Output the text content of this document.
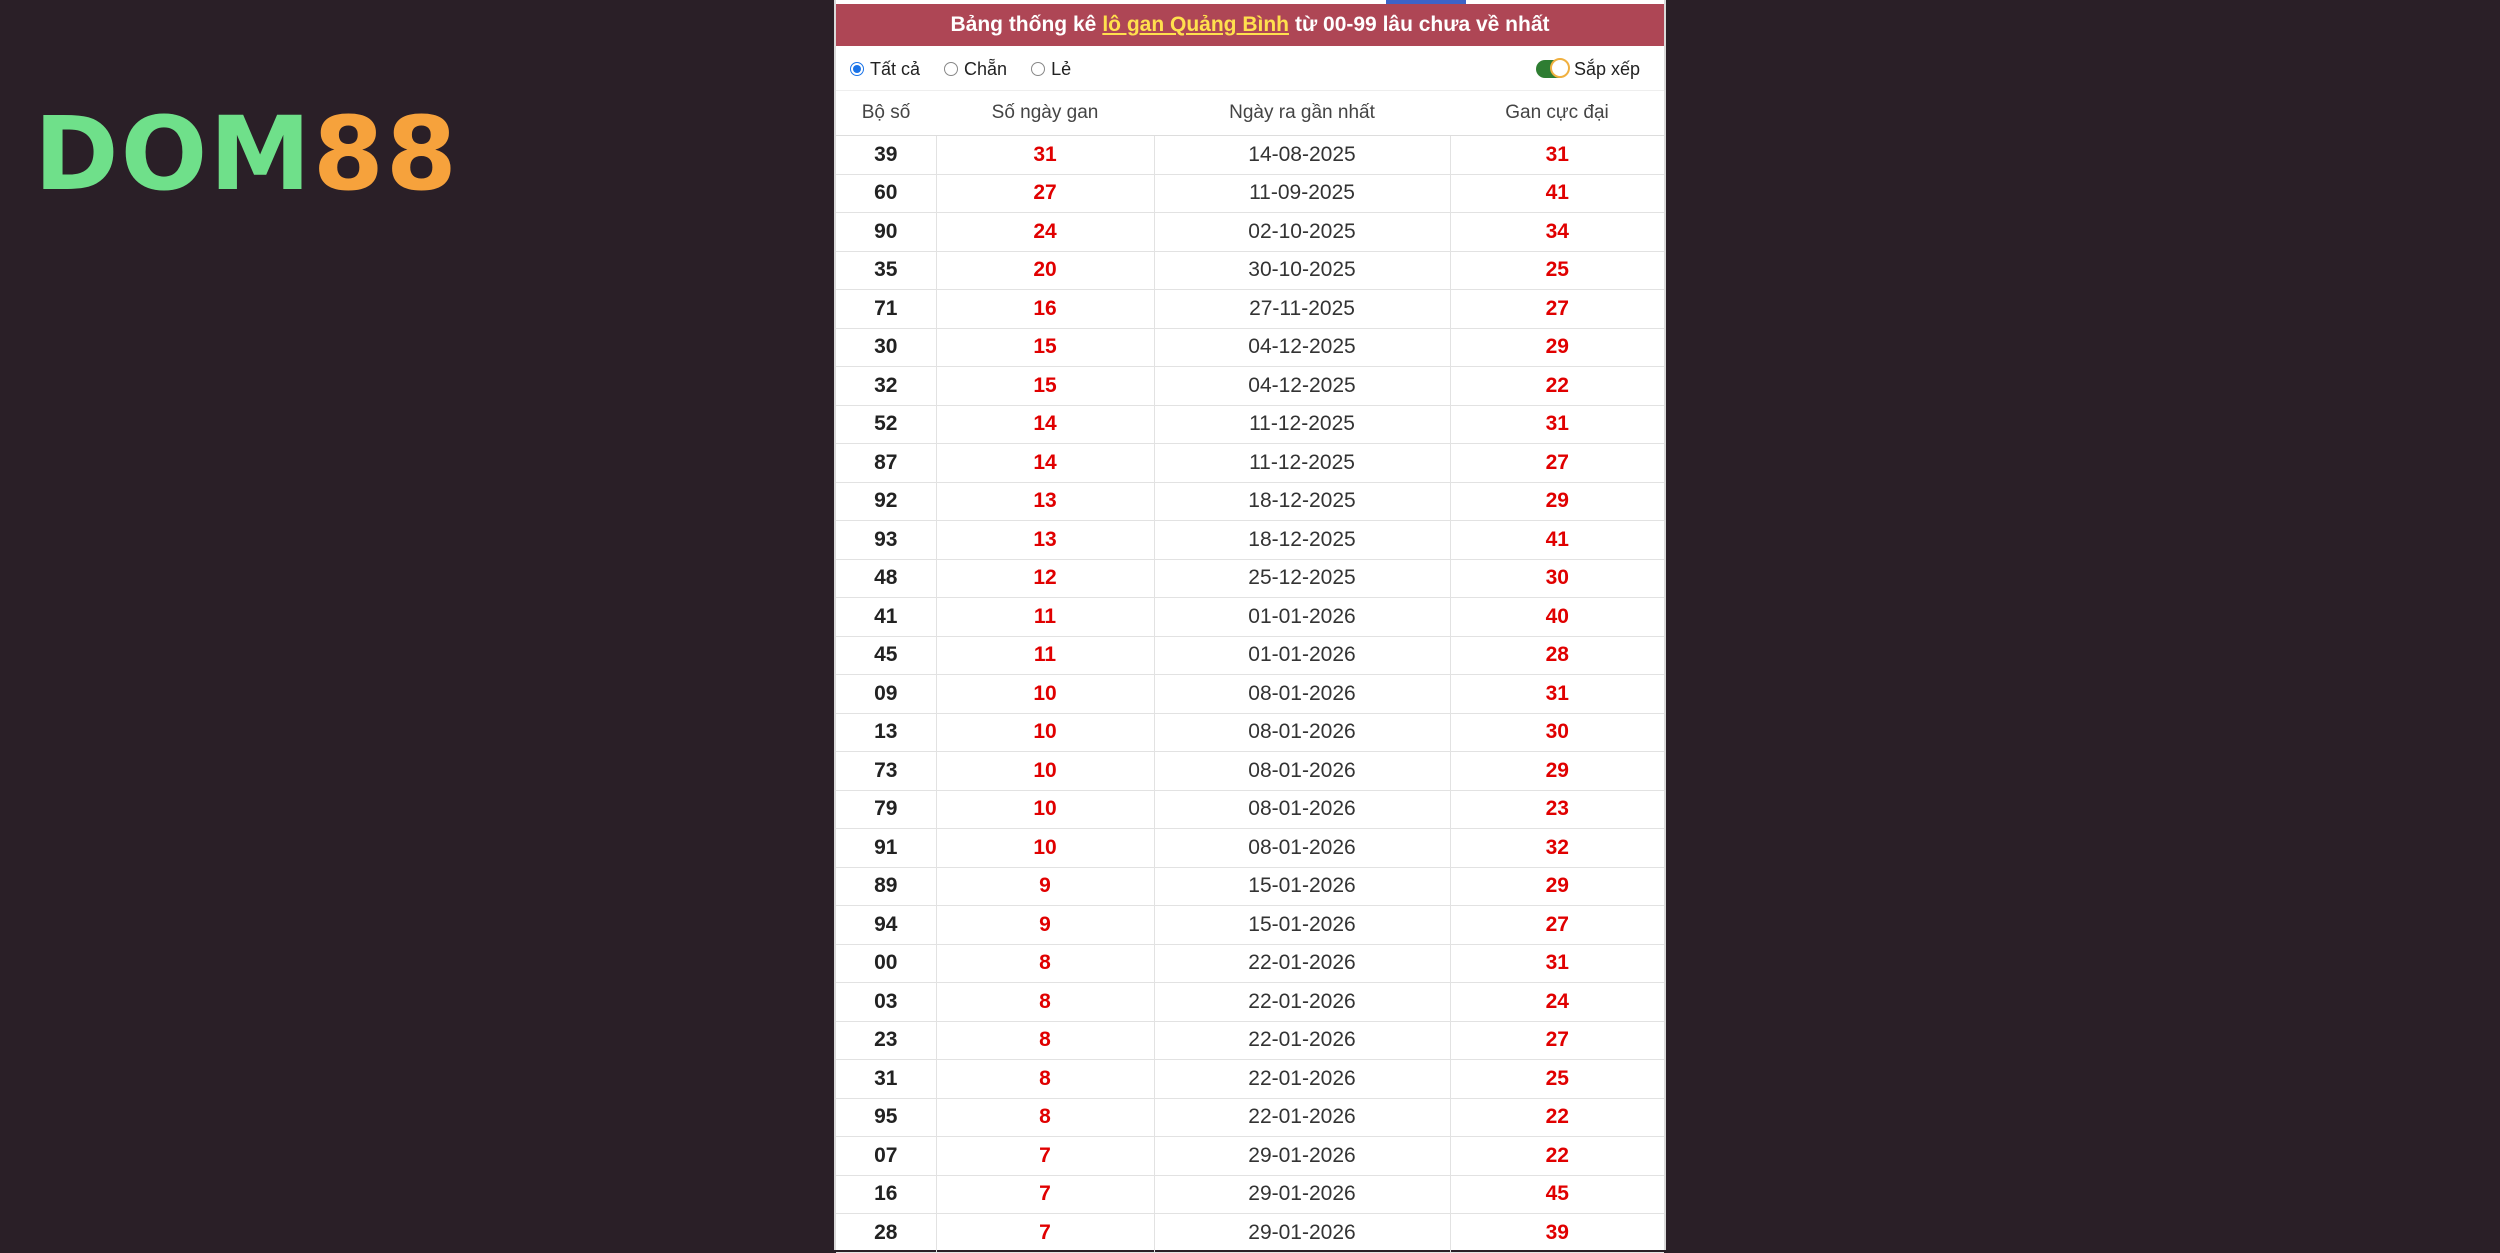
DOM88
Bảng thống kê lô gan Quảng Bình từ 00-99 lâu chưa về nhất
Tất cả Chẵn Lẻ	Sắp xếp
Bộ số	Số ngày gan	Ngày ra gần nhất	Gan cực đại
39	31	14-08-2025	31
60	27	11-09-2025	41
90	24	02-10-2025	34
35	20	30-10-2025	25
71	16	27-11-2025	27
30	15	04-12-2025	29
32	15	04-12-2025	22
52	14	11-12-2025	31
87	14	11-12-2025	27
92	13	18-12-2025	29
93	13	18-12-2025	41
48	12	25-12-2025	30
41	11	01-01-2026	40
45	11	01-01-2026	28
09	10	08-01-2026	31
13	10	08-01-2026	30
73	10	08-01-2026	29
79	10	08-01-2026	23
91	10	08-01-2026	32
89	9	15-01-2026	29
94	9	15-01-2026	27
00	8	22-01-2026	31
03	8	22-01-2026	24
23	8	22-01-2026	27
31	8	22-01-2026	25
95	8	22-01-2026	22
07	7	29-01-2026	22
16	7	29-01-2026	45
28	7	29-01-2026	39
